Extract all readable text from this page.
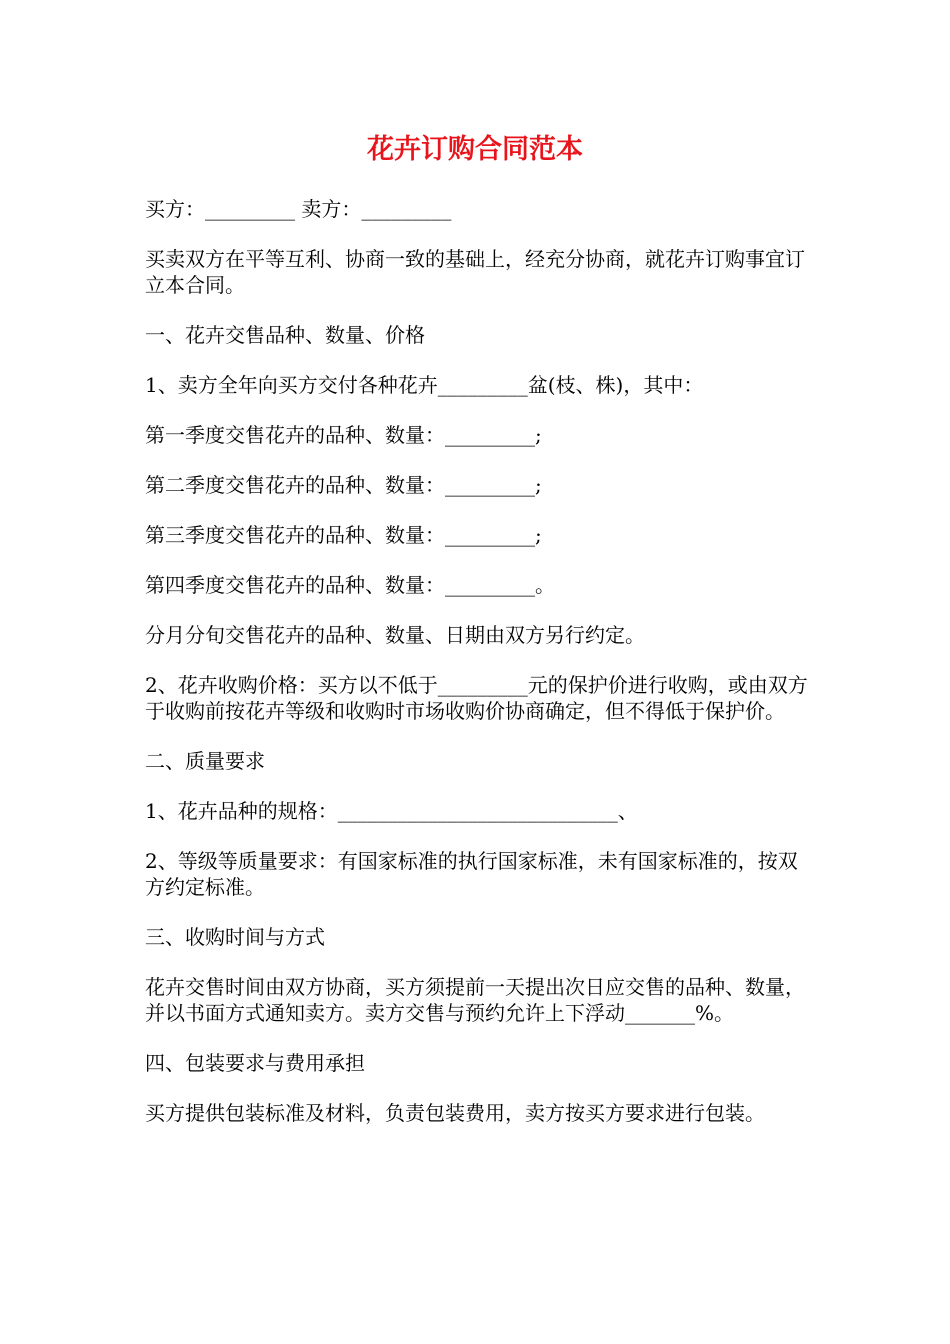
花卉订购合同范本

买方：_________ 卖方：_________

买卖双方在平等互利、协商一致的基础上，经充分协商，就花卉订购事宜订立本合同。

一、花卉交售品种、数量、价格

1、卖方全年向买方交付各种花卉_________盆(枝、株)，其中：

第一季度交售花卉的品种、数量：_________;

第二季度交售花卉的品种、数量：_________;

第三季度交售花卉的品种、数量：_________;

第四季度交售花卉的品种、数量：_________。

分月分旬交售花卉的品种、数量、日期由双方另行约定。

2、花卉收购价格：买方以不低于_________元的保护价进行收购，或由双方于收购前按花卉等级和收购时市场收购价协商确定，但不得低于保护价。

二、质量要求

1、花卉品种的规格：____________________________、

2、等级等质量要求：有国家标准的执行国家标准，未有国家标准的，按双方约定标准。

三、收购时间与方式

花卉交售时间由双方协商，买方须提前一天提出次日应交售的品种、数量，并以书面方式通知卖方。卖方交售与预约允许上下浮动_______%。

四、包装要求与费用承担

买方提供包装标准及材料，负责包装费用，卖方按买方要求进行包装。
